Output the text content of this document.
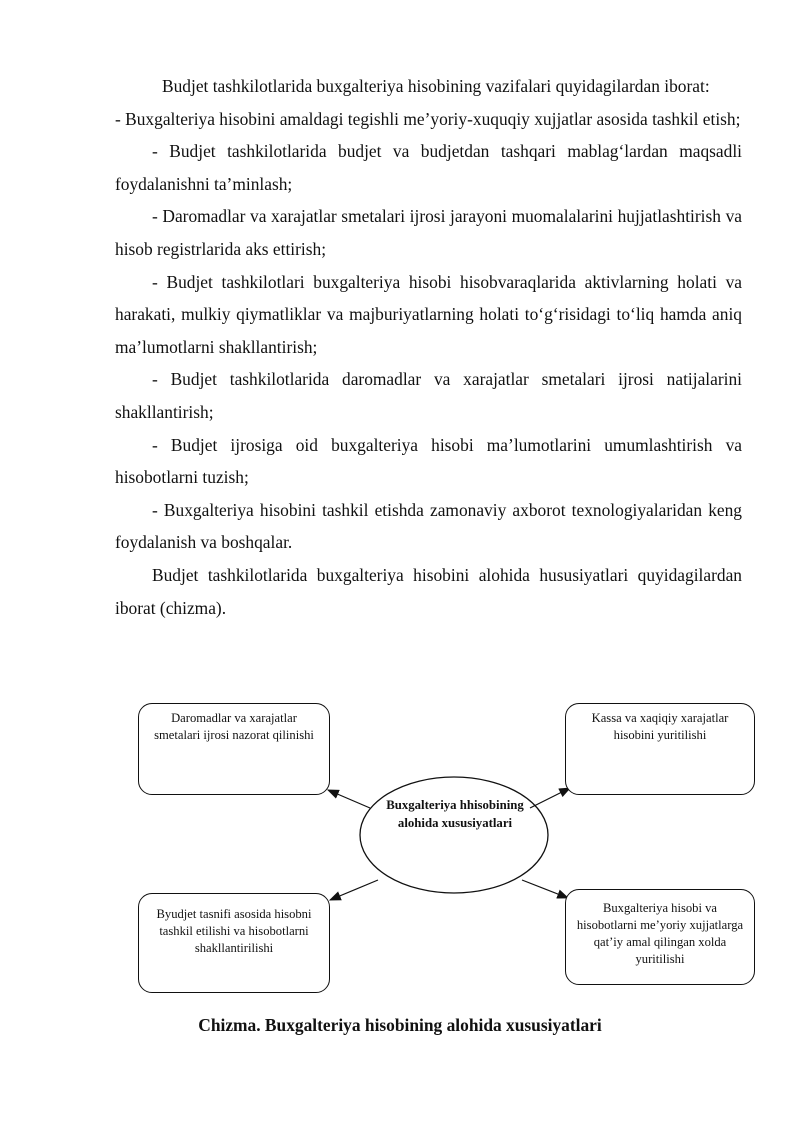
Budjet tashkilotlarida buxgalteriya hisobining vazifalari quyidagilardan iborat:

- Buxgalteriya hisobini amaldagi tegishli me’yoriy-xuquqiy xujjatlar asosida tashkil etish;

- Budjet tashkilotlarida budjet va budjetdan tashqari mablag‘lardan maqsadli foydalanishni ta’minlash;

- Daromadlar va xarajatlar smetalari ijrosi jarayoni muomalalarini hujjatlashtirish va hisob registrlarida aks ettirish;

- Budjet tashkilotlari buxgalteriya hisobi hisobvaraqlarida aktivlarning holati va harakati, mulkiy qiymatliklar va majburiyatlarning holati to‘g‘risidagi to‘liq hamda aniq ma’lumotlarni shakllantirish;

- Budjet tashkilotlarida daromadlar va xarajatlar smetalari ijrosi natijalarini shakllantirish;

- Budjet ijrosiga oid buxgalteriya hisobi ma’lumotlarini umumlashtirish va hisobotlarni tuzish;

- Buxgalteriya hisobini tashkil etishda zamonaviy axborot texnologiyalaridan keng foydalanish va boshqalar.

Budjet tashkilotlarida buxgalteriya hisobini alohida hususiyatlari quyidagilardan iborat (chizma).

Buxgalteriya hhisobining alohida xususiyatlari
Daromadlar va xarajatlar smetalari ijrosi nazorat qilinishi
Kassa va xaqiqiy xarajatlar hisobini yuritilishi
Byudjet tasnifi asosida hisobni tashkil etilishi va hisobotlarni shakllantirilishi
Buxgalteriya hisobi va hisobotlarni me’yoriy xujjatlarga qat’iy amal qilingan xolda yuritilishi
Chizma. Buxgalteriya hisobining alohida xususiyatlari
